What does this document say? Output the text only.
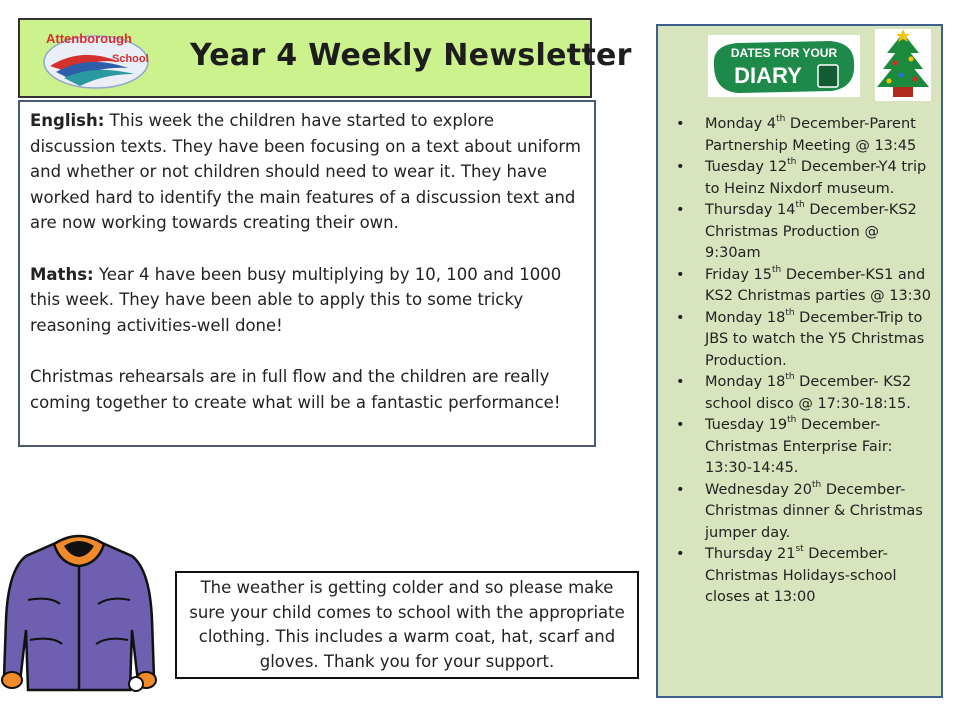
Attenborough
School Year 4 Weekly Newsletter

English: This week the children have started to explore discussion texts. They have been focusing on a text about uniform and whether or not children should need to wear it. They have worked hard to identify the main features of a discussion text and are now working towards creating their own.

Maths: Year 4 have been busy multiplying by 10, 100 and 1000 this week. They have been able to apply this to some tricky reasoning activities-well done!

Christmas rehearsals are in full flow and the children are really coming together to create what will be a fantastic performance!

DATES FOR YOUR
DIARY
• Monday 4th December-Parent Partnership Meeting @ 13:45
• Tuesday 12th December-Y4 trip to Heinz Nixdorf museum.
• Thursday 14th December-KS2 Christmas Production @ 9:30am
• Friday 15th December-KS1 and KS2 Christmas parties @ 13:30
• Monday 18th December-Trip to JBS to watch the Y5 Christmas Production.
• Monday 18th December- KS2 school disco @ 17:30-18:15.
• Tuesday 19th December-Christmas Enterprise Fair: 13:30-14:45.
• Wednesday 20th December-Christmas dinner & Christmas jumper day.
• Thursday 21st December-Christmas Holidays-school closes at 13:00
The weather is getting colder and so please make sure your child comes to school with the appropriate clothing. This includes a warm coat, hat, scarf and gloves. Thank you for your support.
